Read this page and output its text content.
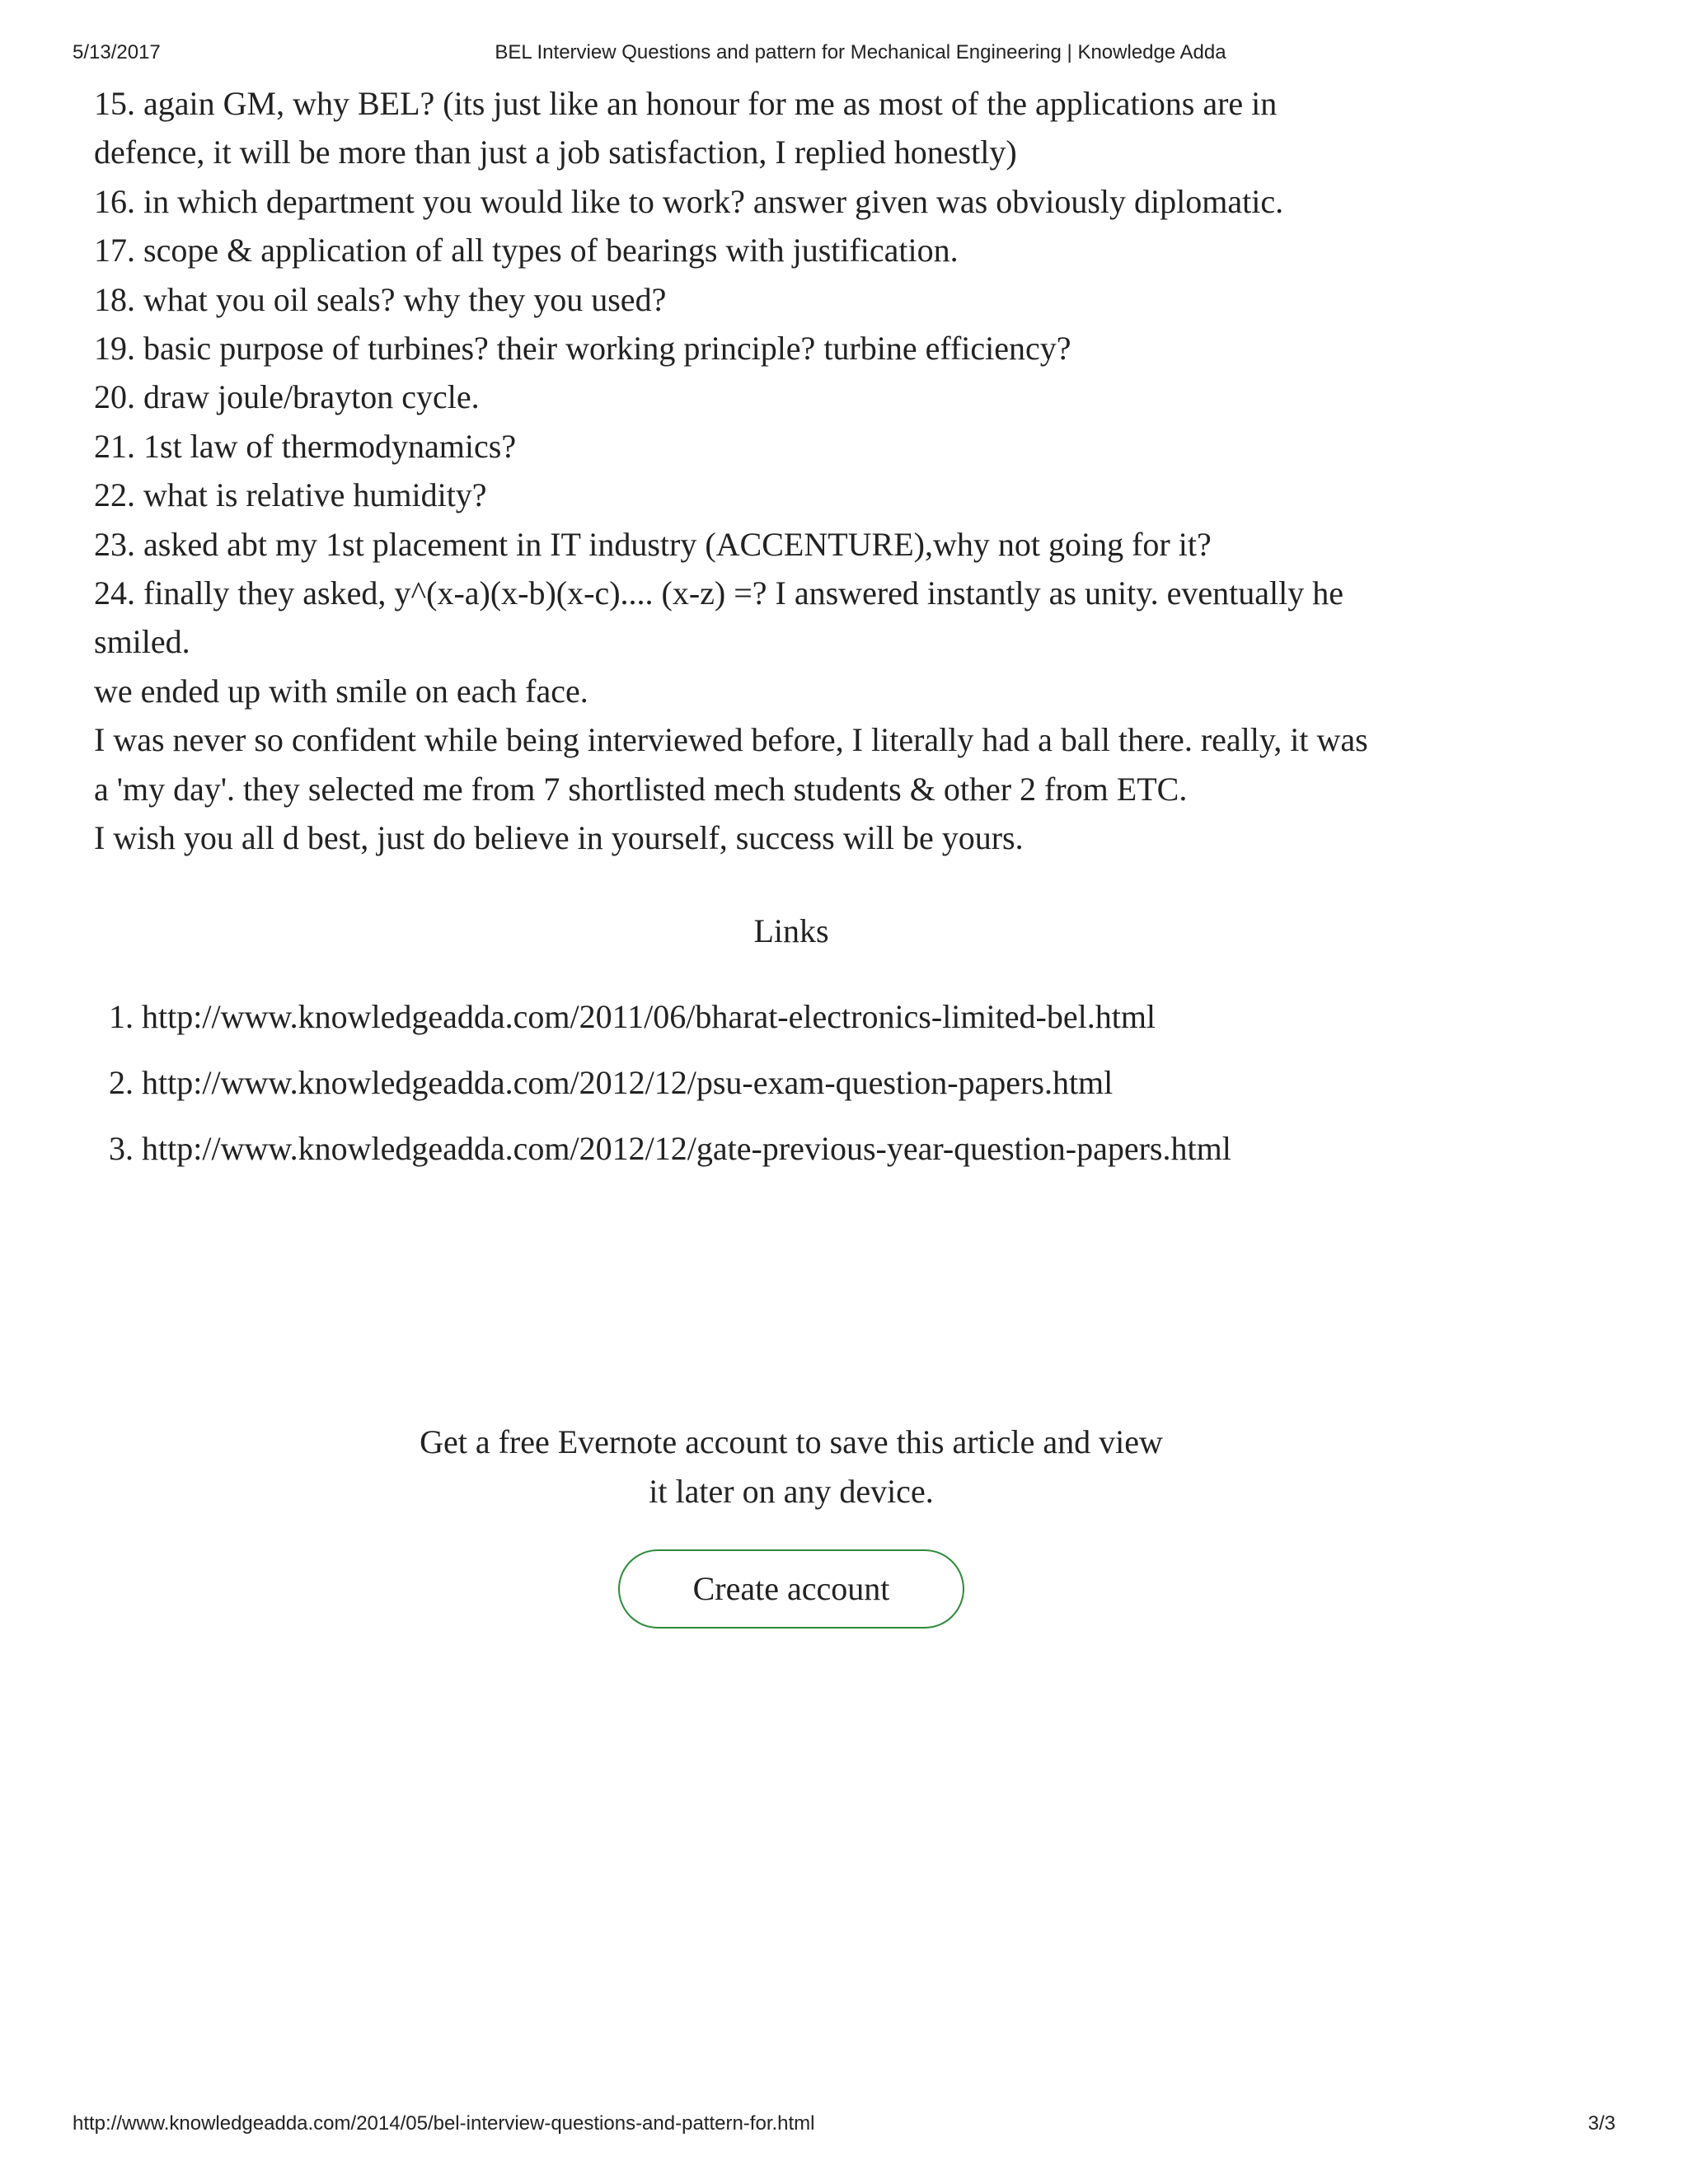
5/13/2017	BEL Interview Questions and pattern for Mechanical Engineering | Knowledge Adda

15. again GM, why BEL? (its just like an honour for me as most of the applications are in

defence, it will be more than just a job satisfaction, I replied honestly)

16. in which department you would like to work? answer given was obviously diplomatic.

17. scope & application of all types of bearings with justification.

18. what you oil seals? why they you used?

19. basic purpose of turbines? their working principle? turbine efficiency?

20. draw joule/brayton cycle.

21. 1st law of thermodynamics?

22. what is relative humidity?

23. asked abt my 1st placement in IT industry (ACCENTURE),why not going for it?

24. finally they asked, y^(x-a)(x-b)(x-c).... (x-z) =? I answered instantly as unity. eventually he

smiled.

we ended up with smile on each face.

I was never so confident while being interviewed before, I literally had a ball there. really, it was

a 'my day'. they selected me from 7 shortlisted mech students & other 2 from ETC.

I wish you all d best, just do believe in yourself, success will be yours.

Links
1. http://www.knowledgeadda.com/2011/06/bharat-electronics-limited-bel.html
2. http://www.knowledgeadda.com/2012/12/psu-exam-question-papers.html
3. http://www.knowledgeadda.com/2012/12/gate-previous-year-question-papers.html
Get a free Evernote account to save this article and view
it later on any device.
Create account
http://www.knowledgeadda.com/2014/05/bel-interview-questions-and-pattern-for.html	3/3
